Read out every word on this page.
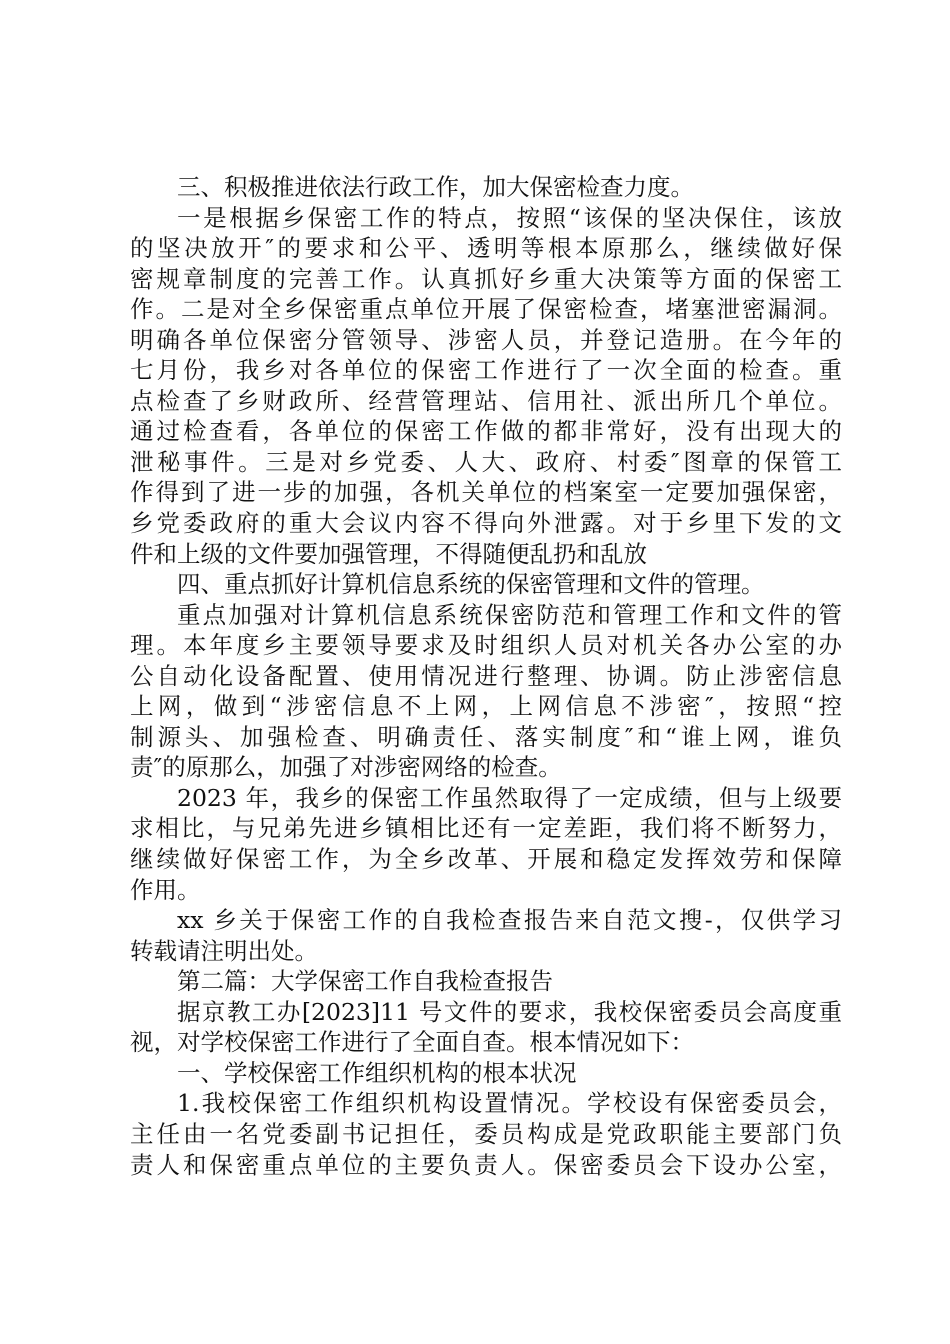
三、积极推进依法行政工作，加大保密检查力度。
一是根据乡保密工作的特点，按照“该保的坚决保住，该放
的坚决放开″的要求和公平、透明等根本原那么，继续做好保
密规章制度的完善工作。认真抓好乡重大决策等方面的保密工
作。二是对全乡保密重点单位开展了保密检查，堵塞泄密漏洞。
明确各单位保密分管领导、涉密人员，并登记造册。在今年的
七月份，我乡对各单位的保密工作进行了一次全面的检查。重
点检查了乡财政所、经营管理站、信用社、派出所几个单位。
通过检查看，各单位的保密工作做的都非常好，没有出现大的
泄秘事件。三是对乡党委、人大、政府、村委″图章的保管工
作得到了进一步的加强，各机关单位的档案室一定要加强保密，
乡党委政府的重大会议内容不得向外泄露。对于乡里下发的文
件和上级的文件要加强管理，不得随便乱扔和乱放
四、重点抓好计算机信息系统的保密管理和文件的管理。
重点加强对计算机信息系统保密防范和管理工作和文件的管
理。本年度乡主要领导要求及时组织人员对机关各办公室的办
公自动化设备配置、使用情况进行整理、协调。防止涉密信息
上网，做到“涉密信息不上网，上网信息不涉密″，按照“控
制源头、加强检查、明确责任、落实制度″和“谁上网，谁负
责″的原那么，加强了对涉密网络的检查。
2023 年，我乡的保密工作虽然取得了一定成绩，但与上级要
求相比，与兄弟先进乡镇相比还有一定差距，我们将不断努力，
继续做好保密工作，为全乡改革、开展和稳定发挥效劳和保障
作用。
xx 乡关于保密工作的自我检查报告来自范文搜-，仅供学习
转载请注明出处。
第二篇：大学保密工作自我检查报告
据京教工办[2023]11 号文件的要求，我校保密委员会高度重
视，对学校保密工作进行了全面自查。根本情况如下：
一、学校保密工作组织机构的根本状况
1.我校保密工作组织机构设置情况。学校设有保密委员会，
主任由一名党委副书记担任，委员构成是党政职能主要部门负
责人和保密重点单位的主要负责人。保密委员会下设办公室，
